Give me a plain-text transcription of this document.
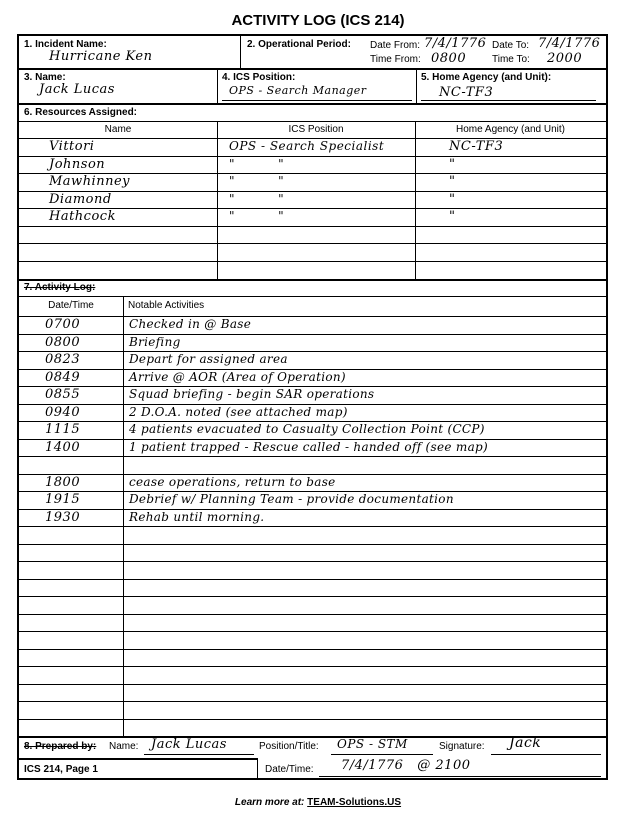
ACTIVITY LOG (ICS 214)
1. Incident Name:
Hurricane Ken
2. Operational Period: Date From: 7/4/1776 Date To: 7/4/1776
Time From: 0800	Time To: 2000
3. Name:
Jack Lucas
4. ICS Position:
OPS - Search Manager
5. Home Agency (and Unit):
NC-TF3
6. Resources Assigned:
Name	ICS Position	Home Agency (and Unit)
Vittori	OPS - Search Specialist	NC-TF3
Johnson	"          "	"
Mawhinney	"          "	"
Diamond	"          "	"
Hathcock	"          "	"
7. Activity Log:
Date/Time	Notable Activities
0700	Checked in @ Base
0800	Briefing
0823	Depart for assigned area
0849	Arrive @ AOR (Area of Operation)
0855	Squad briefing - begin SAR operations
0940	2 D.O.A. noted (see attached map)
1115	4 patients evacuated to Casualty Collection Point (CCP)
1400	1 patient trapped - Rescue called - handed off (see map)
1800	cease operations, return to base
1915	Debrief w/ Planning Team - provide documentation
1930	Rehab until morning.
8. Prepared by: Name: Jack Lucas	Position/Title: OPS - STM	Signature: Jack
ICS 214, Page 1	Date/Time: 7/4/1776   @ 2100
Learn more at: TEAM-Solutions.US
